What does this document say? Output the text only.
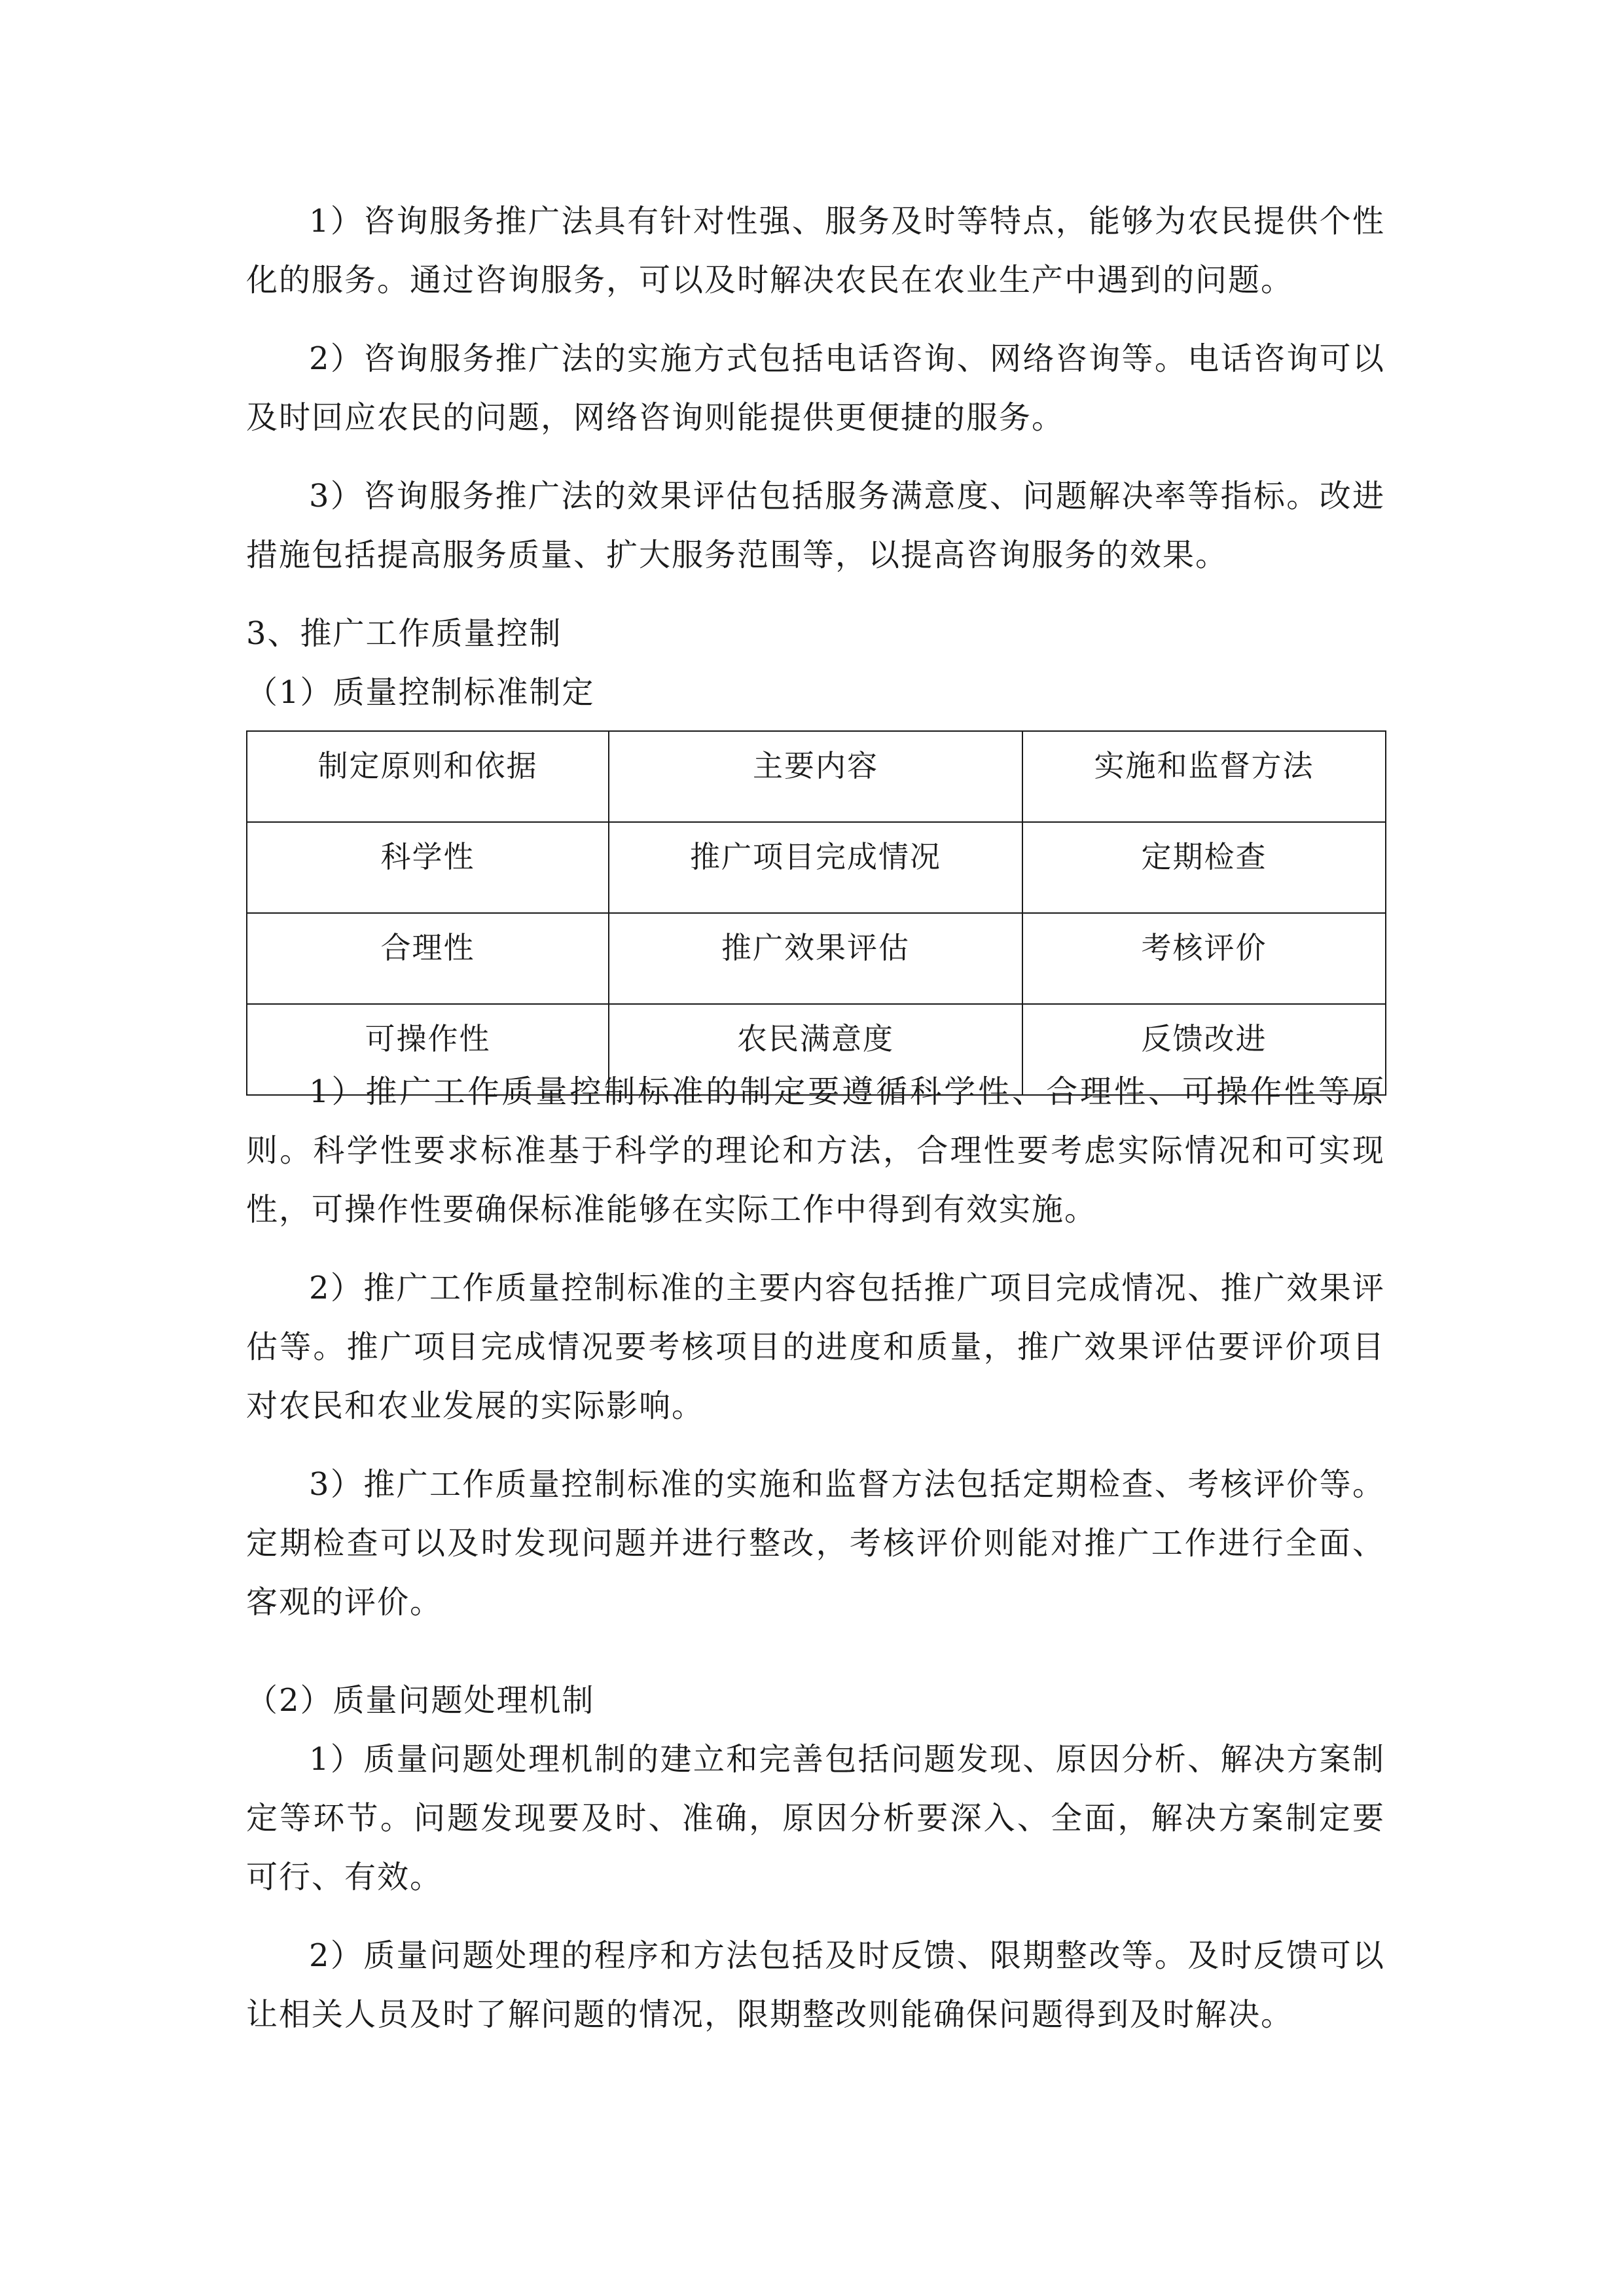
1）咨询服务推广法具有针对性强、服务及时等特点，能够为农民提供个性化的服务。通过咨询服务，可以及时解决农民在农业生产中遇到的问题。

2）咨询服务推广法的实施方式包括电话咨询、网络咨询等。电话咨询可以及时回应农民的问题，网络咨询则能提供更便捷的服务。

3）咨询服务推广法的效果评估包括服务满意度、问题解决率等指标。改进措施包括提高服务质量、扩大服务范围等，以提高咨询服务的效果。

3、推广工作质量控制

（1）质量控制标准制定

制定原则和依据	主要内容	实施和监督方法
科学性	推广项目完成情况	定期检查
合理性	推广效果评估	考核评价
可操作性	农民满意度	反馈改进

1）推广工作质量控制标准的制定要遵循科学性、合理性、可操作性等原则。科学性要求标准基于科学的理论和方法，合理性要考虑实际情况和可实现性，可操作性要确保标准能够在实际工作中得到有效实施。

2）推广工作质量控制标准的主要内容包括推广项目完成情况、推广效果评估等。推广项目完成情况要考核项目的进度和质量，推广效果评估要评价项目对农民和农业发展的实际影响。

3）推广工作质量控制标准的实施和监督方法包括定期检查、考核评价等。定期检查可以及时发现问题并进行整改，考核评价则能对推广工作进行全面、客观的评价。

（2）质量问题处理机制

1）质量问题处理机制的建立和完善包括问题发现、原因分析、解决方案制定等环节。问题发现要及时、准确，原因分析要深入、全面，解决方案制定要可行、有效。

2）质量问题处理的程序和方法包括及时反馈、限期整改等。及时反馈可以让相关人员及时了解问题的情况，限期整改则能确保问题得到及时解决。
